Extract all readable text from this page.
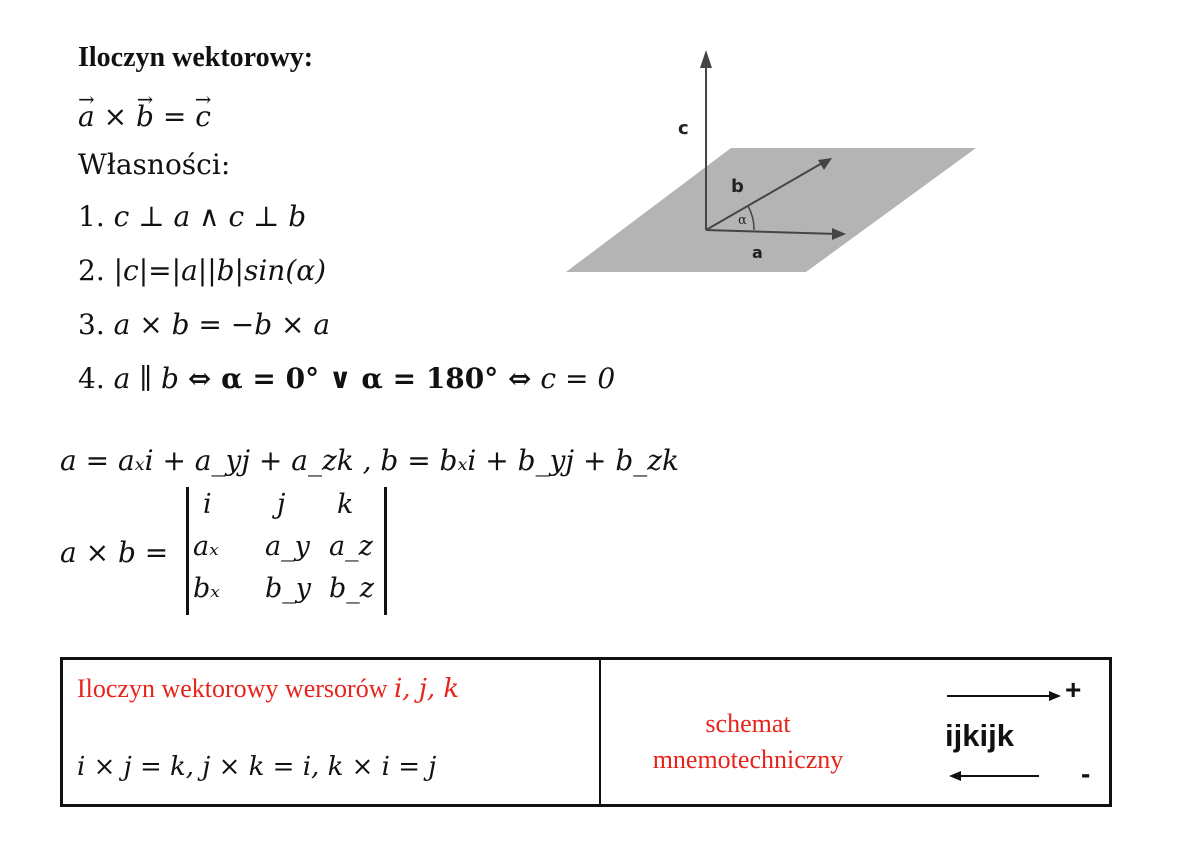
Iloczyn wektorowy:
→ a × → b = → c
Własności:
1. c ⊥ a ∧ c ⊥ b
2. |c|=|a||b|sin(α)
3. a × b = −b × a
4. a ∥ b ⇔ α = 0° ∨ α = 180° ⇔ c = 0
a = aₓi + a_yj + a_zk , b = bₓi + b_yj + b_zk
a × b =
i j k
aₓ a_y a_z
bₓ b_y b_z
c
b
a
α
Iloczyn wektorowy wersorów i, j, k
i × j = k, j × k = i, k × i = j
schemat mnemotechniczny
ijkijk
+
-
